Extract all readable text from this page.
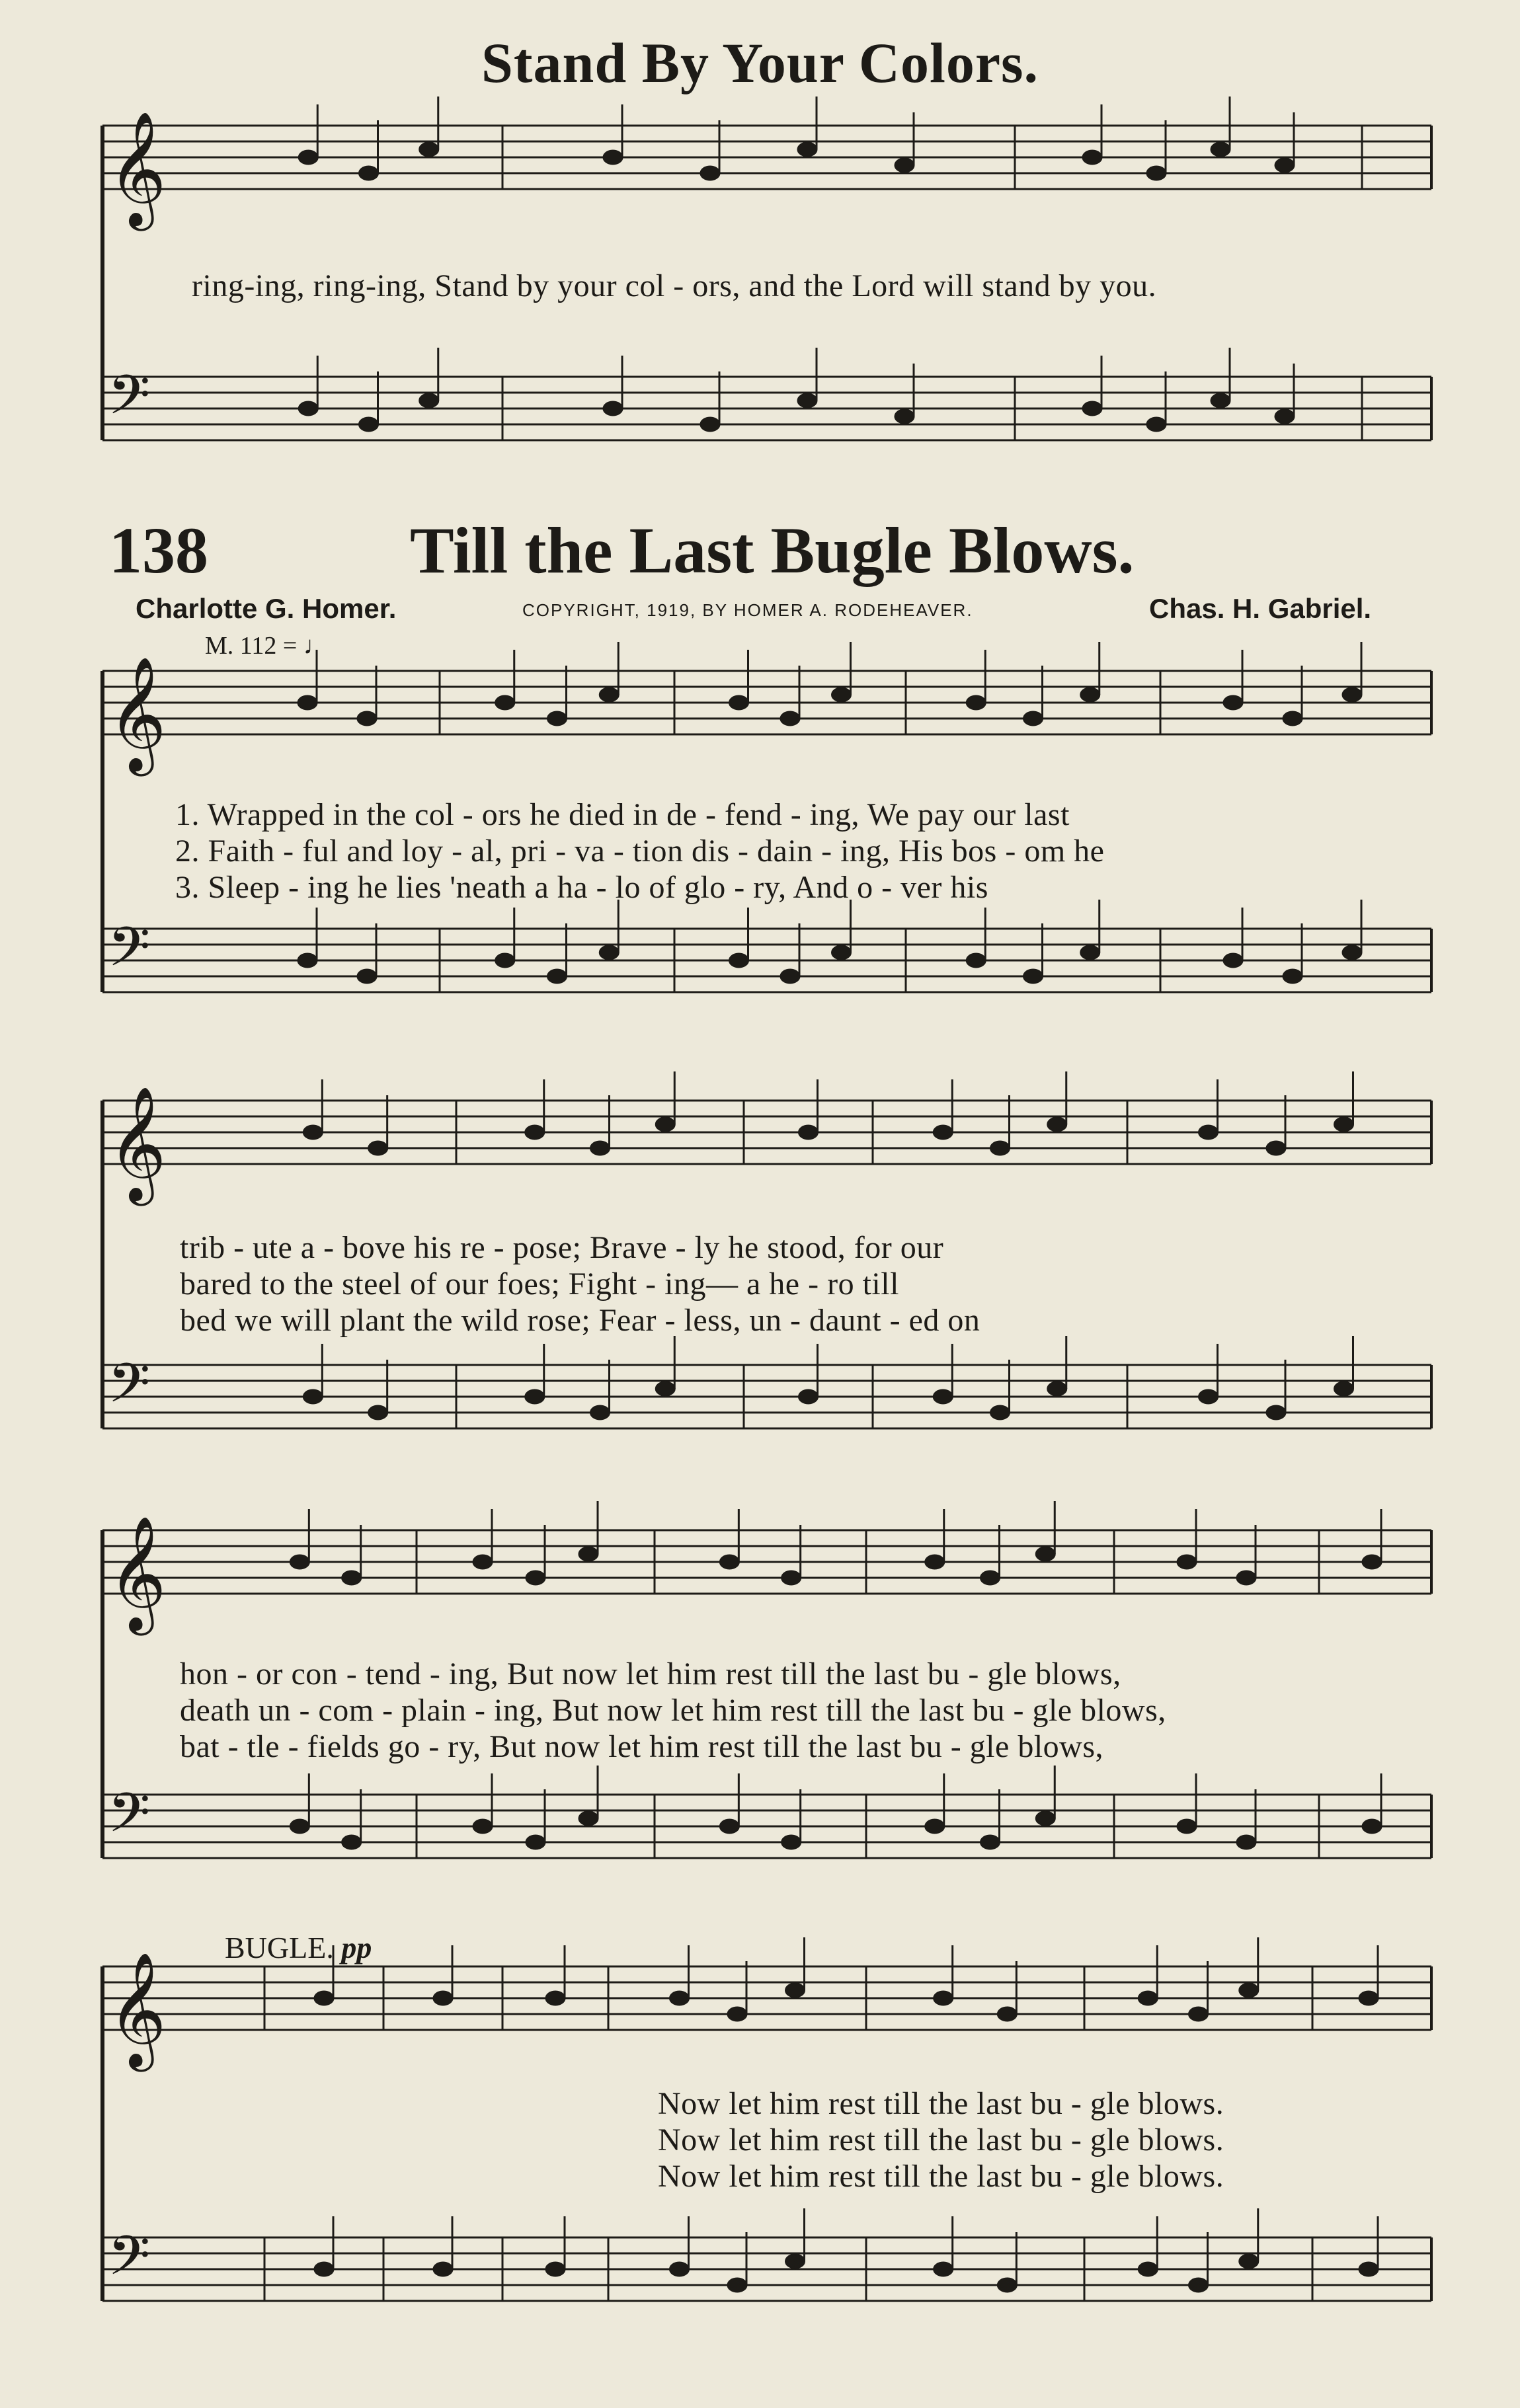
Stand By Your Colors.
138	Till the Last Bugle Blows.
Charlotte G. Homer.	COPYRIGHT, 1919, BY HOMER A. RODEHEAVER.	Chas. H. Gabriel.
M. 112 = ♩
BUGLE. pp
ring-ing, ring-ing, Stand by your col - ors, and the Lord will stand by you.
1. Wrapped in the col - ors he died in de - fend - ing, We pay our last
2. Faith - ful and loy - al, pri - va - tion dis - dain - ing, His bos - om he
3. Sleep - ing he lies 'neath a ha - lo of glo - ry, And o - ver his
trib - ute a - bove his re - pose; Brave - ly he stood, for our
bared to the steel of our foes; Fight - ing— a he - ro till
bed we will plant the wild rose; Fear - less, un - daunt - ed on
hon - or con - tend - ing, But now let him rest till the last bu - gle blows,
death un - com - plain - ing, But now let him rest till the last bu - gle blows,
bat - tle - fields go - ry, But now let him rest till the last bu - gle blows,
Now let him rest till the last bu - gle blows.
Now let him rest till the last bu - gle blows.
Now let him rest till the last bu - gle blows.
𝄞
𝄢
𝄞
𝄢
𝄞
𝄢
𝄞
𝄢
𝄞
𝄢
